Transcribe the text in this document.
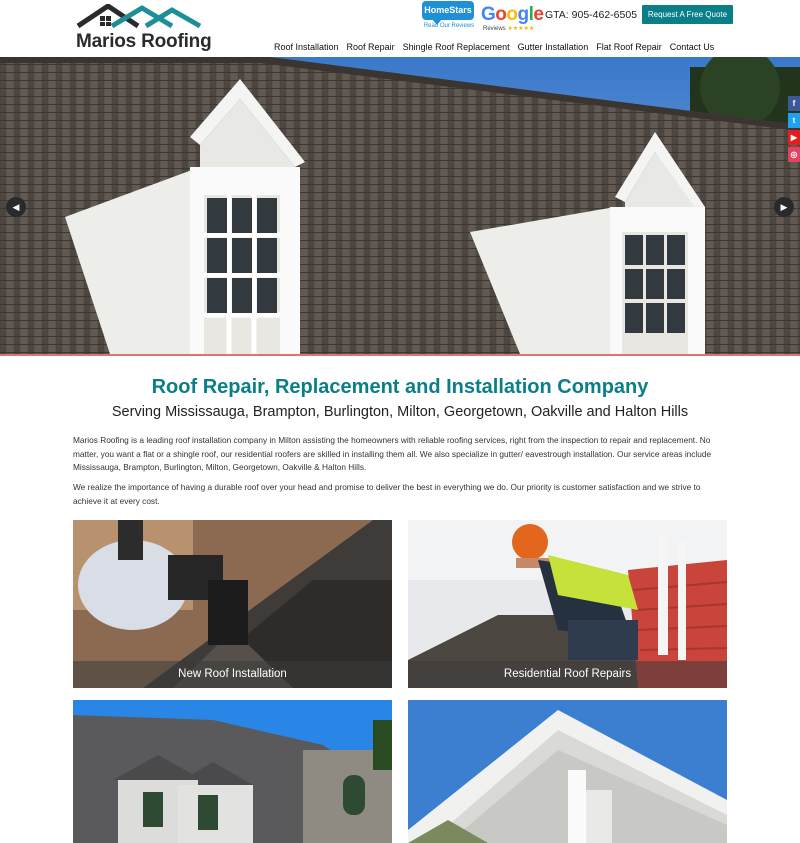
Marios Roofing
HomeStars
Read Our Reviews
Google
Reviews ★★★★★
GTA: 905-462-6505	Request A Free Quote
Roof Installation Roof Repair Shingle Roof Replacement Gutter Installation Flat Roof Repair Contact Us
◀	▶
f
t
▶
◎
Roof Repair, Replacement and Installation Company
Serving Mississauga, Brampton, Burlington, Milton, Georgetown, Oakville and Halton Hills

Marios Roofing is a leading roof installation company in Milton assisting the homeowners with reliable roofing services, right from the inspection to repair and replacement. No matter, you want a flat or a shingle roof, our residential roofers are skilled in installing them all. We also specialize in gutter/ eavestrough installation. Our service areas include Mississauga, Brampton, Burlington, Milton, Georgetown, Oakville & Halton Hills.

We realize the importance of having a durable roof over your head and promise to deliver the best in everything we do. Our priority is customer satisfaction and we strive to achieve it at every cost.

New Roof Installation	Residential Roof Repairs
